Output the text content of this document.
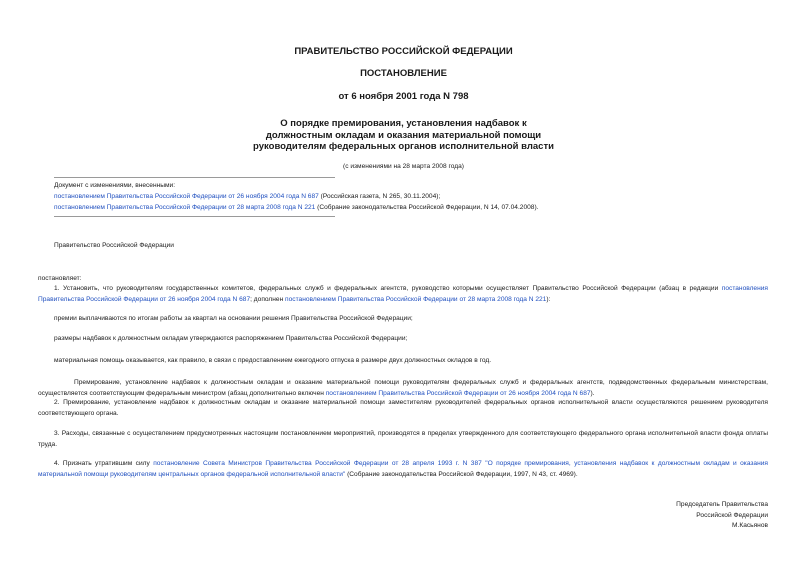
ПРАВИТЕЛЬСТВО РОССИЙСКОЙ ФЕДЕРАЦИИ
ПОСТАНОВЛЕНИЕ
от 6 ноября 2001 года N 798
О порядке премирования, установления надбавок к
должностным окладам и оказания материальной помощи
руководителям федеральных органов исполнительной власти
(с изменениями на 28 марта 2008 года)
Документ с изменениями, внесенными:
постановлением Правительства Российской Федерации от 26 ноября 2004 года N 687 (Российская газета, N 265, 30.11.2004);
постановлением Правительства Российской Федерации от 28 марта 2008 года N 221 (Собрание законодательства Российской Федерации, N 14, 07.04.2008).
Правительство Российской Федерации
постановляет:
1. Установить, что руководителям государственных комитетов, федеральных служб и федеральных агентств, руководство которыми осуществляет Правительство Российской Федерации (абзац в редакции постановления Правительства Российской Федерации от 26 ноября 2004 года N 687; дополнен постановлением Правительства Российской Федерации от 28 марта 2008 года N 221):
премии выплачиваются по итогам работы за квартал на основании решения Правительства Российской Федерации;
размеры надбавок к должностным окладам утверждаются распоряжением Правительства Российской Федерации;
материальная помощь оказывается, как правило, в связи с предоставлением ежегодного отпуска в размере двух должностных окладов в год.
Премирование, установление надбавок к должностным окладам и оказание материальной помощи руководителям федеральных служб и федеральных агентств, подведомственных федеральным министерствам, осуществляется соответствующим федеральным министром (абзац дополнительно включен постановлением Правительства Российской Федерации от 26 ноября 2004 года N 687).
2. Премирование, установление надбавок к должностным окладам и оказание материальной помощи заместителям руководителей федеральных органов исполнительной власти осуществляются решением руководителя соответствующего органа.
3. Расходы, связанные с осуществлением предусмотренных настоящим постановлением мероприятий, производятся в пределах утвержденного для соответствующего федерального органа исполнительной власти фонда оплаты труда.
4. Признать утратившим силу постановление Совета Министров Правительства Российской Федерации от 28 апреля 1993 г. N 387 "О порядке премирования, установления надбавок к должностным окладам и оказания материальной помощи руководителям центральных органов федеральной исполнительной власти" (Собрание законодательства Российской Федерации, 1997, N 43, ст. 4969).
Председатель Правительства
Российской Федерации
М.Касьянов
